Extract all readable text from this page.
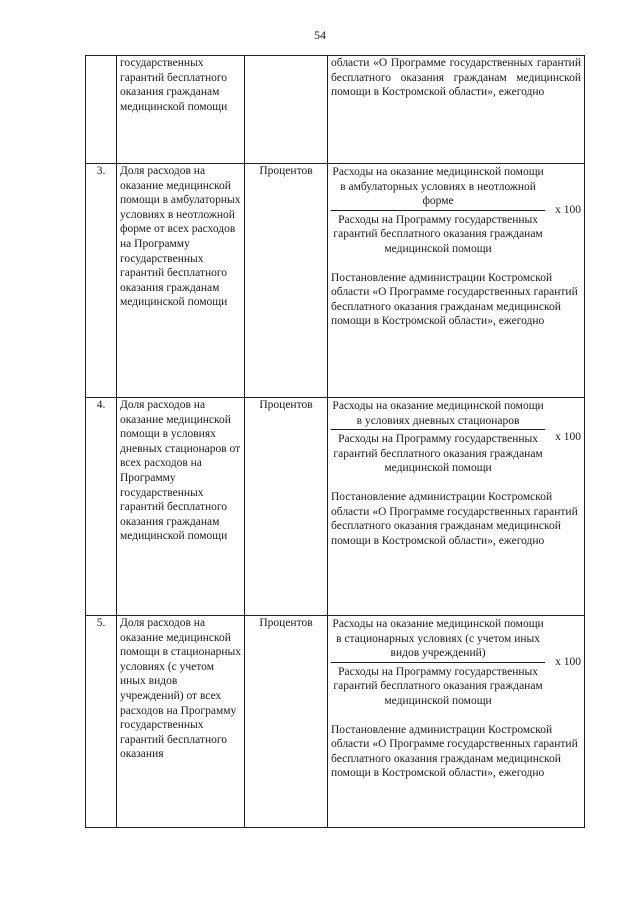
54
	государственных гарантий бесплатного оказания гражданам медицинской помощи		области «О Программе государственных гарантий бесплатного оказания гражданам медицинской помощи в Костромской области», ежегодно
3.	Доля расходов на оказание медицинской помощи в амбулаторных условиях в неотложной форме от всех расходов на Программу государственных гарантий бесплатного оказания гражданам медицинской помощи	Процентов	Расходы на оказание медицинской помощи в амбулаторных условиях в неотложной форме
Расходы на Программу государственных гарантий бесплатного оказания гражданам медицинской помощи
х 100
Постановление администрации Костромской области «О Программе государственных гарантий бесплатного оказания гражданам медицинской помощи в Костромской области», ежегодно

4.	Доля расходов на оказание медицинской помощи в условиях дневных стационаров от всех расходов на Программу государственных гарантий бесплатного оказания гражданам медицинской помощи	Процентов	Расходы на оказание медицинской помощи в условиях дневных стационаров
Расходы на Программу государственных гарантий бесплатного оказания гражданам медицинской помощи
х 100
Постановление администрации Костромской области «О Программе государственных гарантий бесплатного оказания гражданам медицинской помощи в Костромской области», ежегодно

5.	Доля расходов на оказание медицинской помощи в стационарных условиях (с учетом иных видов учреждений) от всех расходов на Программу государственных гарантий бесплатного оказания	Процентов	Расходы на оказание медицинской помощи в стационарных условиях (с учетом иных видов учреждений)
Расходы на Программу государственных гарантий бесплатного оказания гражданам медицинской помощи
х 100
Постановление администрации Костромской области «О Программе государственных гарантий бесплатного оказания гражданам медицинской помощи в Костромской области», ежегодно
